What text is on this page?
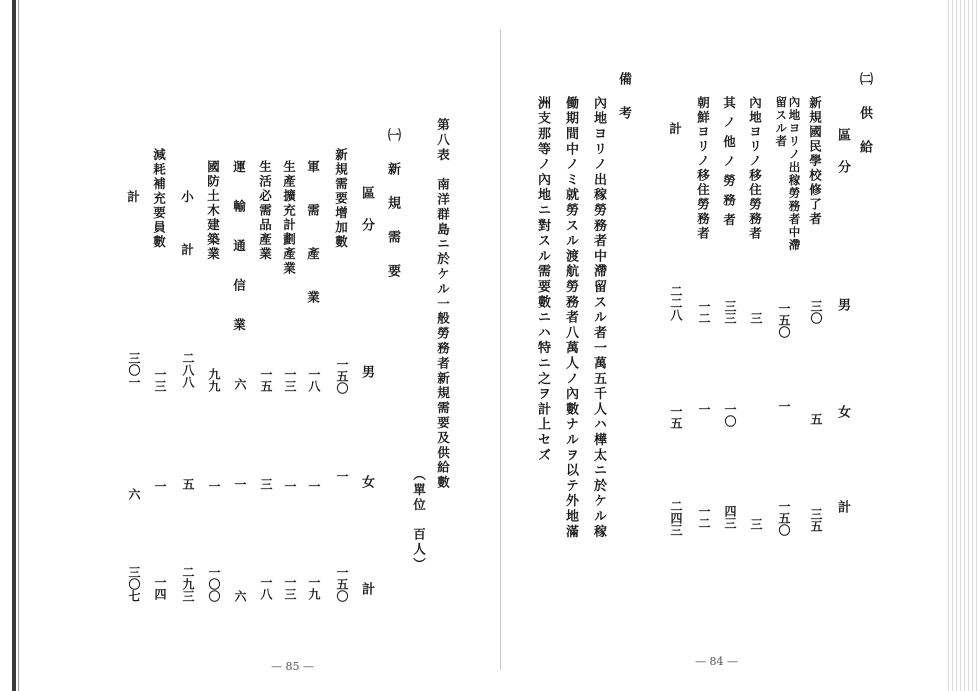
㈡ 供 給
區　分
男
女
計
新規國民學校修了者
三〇
五
三五
內地ヨリノ出稼勞務者中滯留スル者
一五〇
一
一五〇
內地ヨリノ移住勞務者
三
三
其ノ他ノ勞務者
三三
一〇
四三
朝鮮ヨリノ移住勞務者
一二
一
一二
計
二二八
一五
二四三
備 考
內地ヨリノ出稼勞務者中滯留スル者一萬五千人ハ樺太ニ於ケル稼
働期間中ノミ就勞スル渡航勞務者八萬人ノ內數ナルヲ以テ外地滿
洲支那等ノ內地ニ對スル需要數ニハ特ニ之ヲ計上セズ
— 84 —
第八表　南洋群島ニ於ケル一般勞務者新規需要及供給數
（單位　百人）
㈠ 新 規 需 要
區　分
男
女
計
新規需要增加數
一五〇
一
一五〇
軍 需 產 業
一八
一
一九
生產擴充計劃產業
一三
一
一三
生活必需品產業
一五
三
一八
運 輸 通 信 業
六
一
六
國防土木建築業
九九
一
一〇〇
小　計
二八八
五
二九三
減耗補充要員數
一三
一
一四
計
三〇一
六
三〇七
— 85 —
